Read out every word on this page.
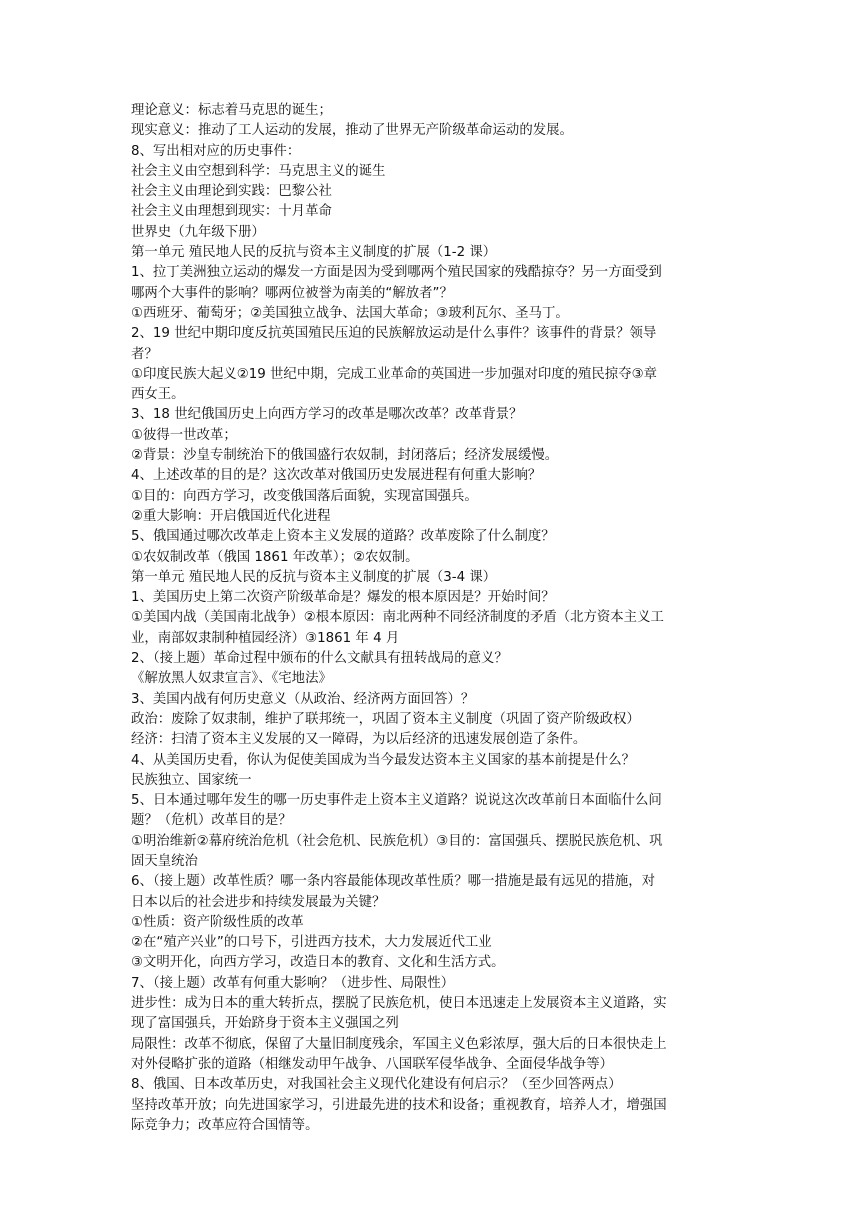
理论意义：标志着马克思的诞生；
现实意义：推动了工人运动的发展，推动了世界无产阶级革命运动的发展。
8、写出相对应的历史事件：
社会主义由空想到科学：马克思主义的诞生
社会主义由理论到实践：巴黎公社
社会主义由理想到现实：十月革命
世界史（九年级下册）
第一单元 殖民地人民的反抗与资本主义制度的扩展（1-2 课）
1、拉丁美洲独立运动的爆发一方面是因为受到哪两个殖民国家的残酷掠夺？另一方面受到
哪两个大事件的影响？哪两位被誉为南美的“解放者”？
①西班牙、葡萄牙；②美国独立战争、法国大革命；③玻利瓦尔、圣马丁。
2、19 世纪中期印度反抗英国殖民压迫的民族解放运动是什么事件？该事件的背景？领导
者？
①印度民族大起义②19 世纪中期，完成工业革命的英国进一步加强对印度的殖民掠夺③章
西女王。
3、18 世纪俄国历史上向西方学习的改革是哪次改革？改革背景？
①彼得一世改革；
②背景：沙皇专制统治下的俄国盛行农奴制，封闭落后；经济发展缓慢。
4、上述改革的目的是？这次改革对俄国历史发展进程有何重大影响？
①目的：向西方学习，改变俄国落后面貌，实现富国强兵。
②重大影响：开启俄国近代化进程
5、俄国通过哪次改革走上资本主义发展的道路？改革废除了什么制度？
①农奴制改革（俄国 1861 年改革）；②农奴制。
第一单元 殖民地人民的反抗与资本主义制度的扩展（3-4 课）
1、美国历史上第二次资产阶级革命是？爆发的根本原因是？开始时间？
①美国内战（美国南北战争）②根本原因：南北两种不同经济制度的矛盾（北方资本主义工
业，南部奴隶制种植园经济）③1861 年 4 月
2、（接上题）革命过程中颁布的什么文献具有扭转战局的意义？
《解放黑人奴隶宣言》、《宅地法》
3、美国内战有何历史意义（从政治、经济两方面回答）？
政治：废除了奴隶制，维护了联邦统一，巩固了资本主义制度（巩固了资产阶级政权）
经济：扫清了资本主义发展的又一障碍，为以后经济的迅速发展创造了条件。
4、从美国历史看，你认为促使美国成为当今最发达资本主义国家的基本前提是什么？
民族独立、国家统一
5、日本通过哪年发生的哪一历史事件走上资本主义道路？说说这次改革前日本面临什么问
题？（危机）改革目的是？
①明治维新②幕府统治危机（社会危机、民族危机）③目的：富国强兵、摆脱民族危机、巩
固天皇统治
6、（接上题）改革性质？哪一条内容最能体现改革性质？哪一措施是最有远见的措施，对
日本以后的社会进步和持续发展最为关键？
①性质：资产阶级性质的改革
②在“殖产兴业”的口号下，引进西方技术，大力发展近代工业
③文明开化，向西方学习，改造日本的教育、文化和生活方式。
7、（接上题）改革有何重大影响？（进步性、局限性）
进步性：成为日本的重大转折点，摆脱了民族危机，使日本迅速走上发展资本主义道路，实
现了富国强兵，开始跻身于资本主义强国之列
局限性：改革不彻底，保留了大量旧制度残余，军国主义色彩浓厚，强大后的日本很快走上
对外侵略扩张的道路（相继发动甲午战争、八国联军侵华战争、全面侵华战争等）
8、俄国、日本改革历史，对我国社会主义现代化建设有何启示？（至少回答两点）
坚持改革开放；向先进国家学习，引进最先进的技术和设备；重视教育，培养人才，增强国
际竞争力；改革应符合国情等。
